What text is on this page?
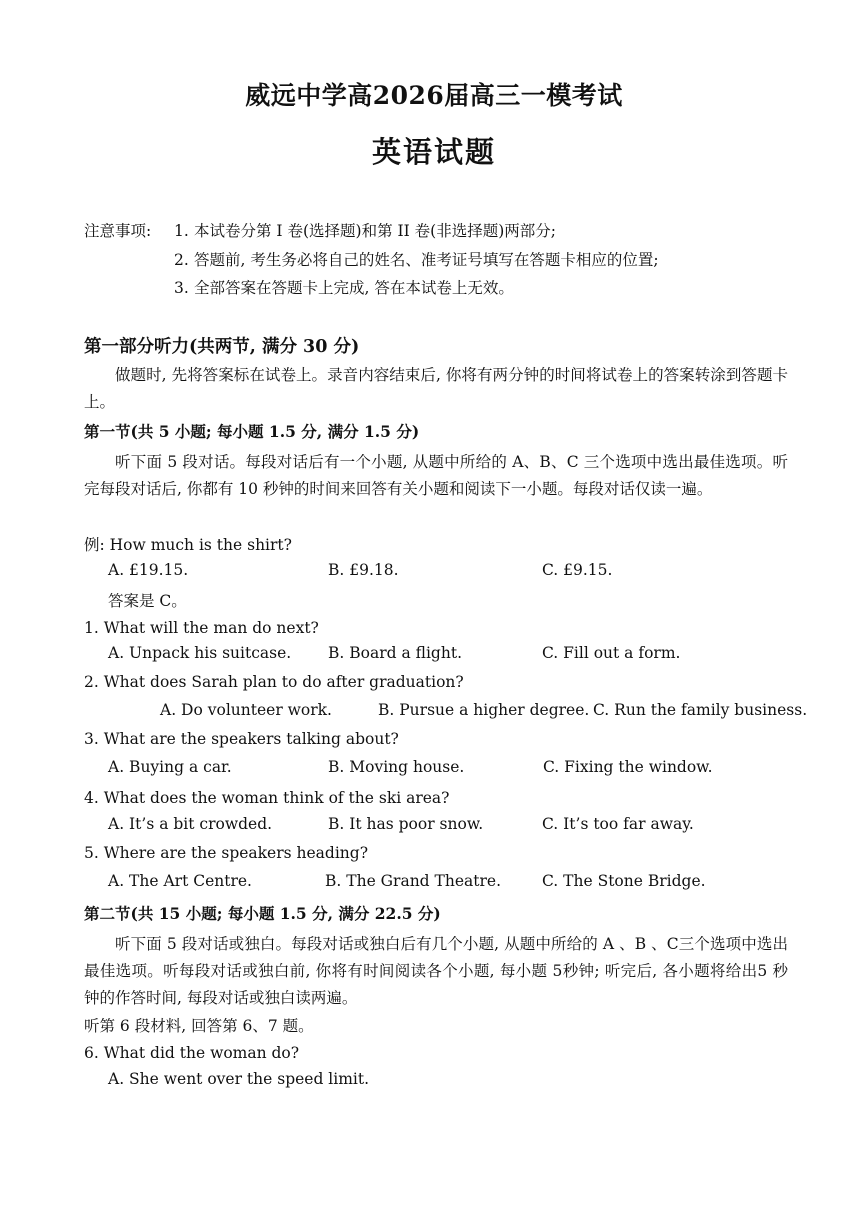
威远中学高2026届高三一模考试
英语试题
注意事项: 1. 本试卷分第 I 卷(选择题)和第 II 卷(非选择题)两部分;
2. 答题前, 考生务必将自己的姓名、准考证号填写在答题卡相应的位置;
3. 全部答案在答题卡上完成, 答在本试卷上无效。
第一部分听力(共两节, 满分 30 分)
做题时, 先将答案标在试卷上。录音内容结束后, 你将有两分钟的时间将试卷上的答案转涂到答题卡上。
第一节(共 5 小题; 每小题 1.5 分, 满分 1.5 分)
听下面 5 段对话。每段对话后有一个小题, 从题中所给的 A、B、C 三个选项中选出最佳选项。听完每段对话后, 你都有 10 秒钟的时间来回答有关小题和阅读下一小题。每段对话仅读一遍。
例: How much is the shirt?
A. £19.15.	B. £9.18.	C. £9.15.
答案是 C。
1. What will the man do next?
A. Unpack his suitcase. B. Board a flight.	C. Fill out a form.
2. What does Sarah plan to do after graduation?
A. Do volunteer work.	B. Pursue a higher degree. C. Run the family business.
3. What are the speakers talking about?
A. Buying a car.	B. Moving house.	C. Fixing the window.
4. What does the woman think of the ski area?
A. It’s a bit crowded.	B. It has poor snow.	C. It’s too far away.
5. Where are the speakers heading?
A. The Art Centre.	B. The Grand Theatre.	C. The Stone Bridge.
第二节(共 15 小题; 每小题 1.5 分, 满分 22.5 分)
听下面 5 段对话或独白。每段对话或独白后有几个小题, 从题中所给的 A 、B 、C三个选项中选出最佳选项。听每段对话或独白前, 你将有时间阅读各个小题, 每小题 5秒钟; 听完后, 各小题将给出5 秒钟的作答时间, 每段对话或独白读两遍。
听第 6 段材料, 回答第 6、7 题。
6. What did the woman do?
A. She went over the speed limit.
